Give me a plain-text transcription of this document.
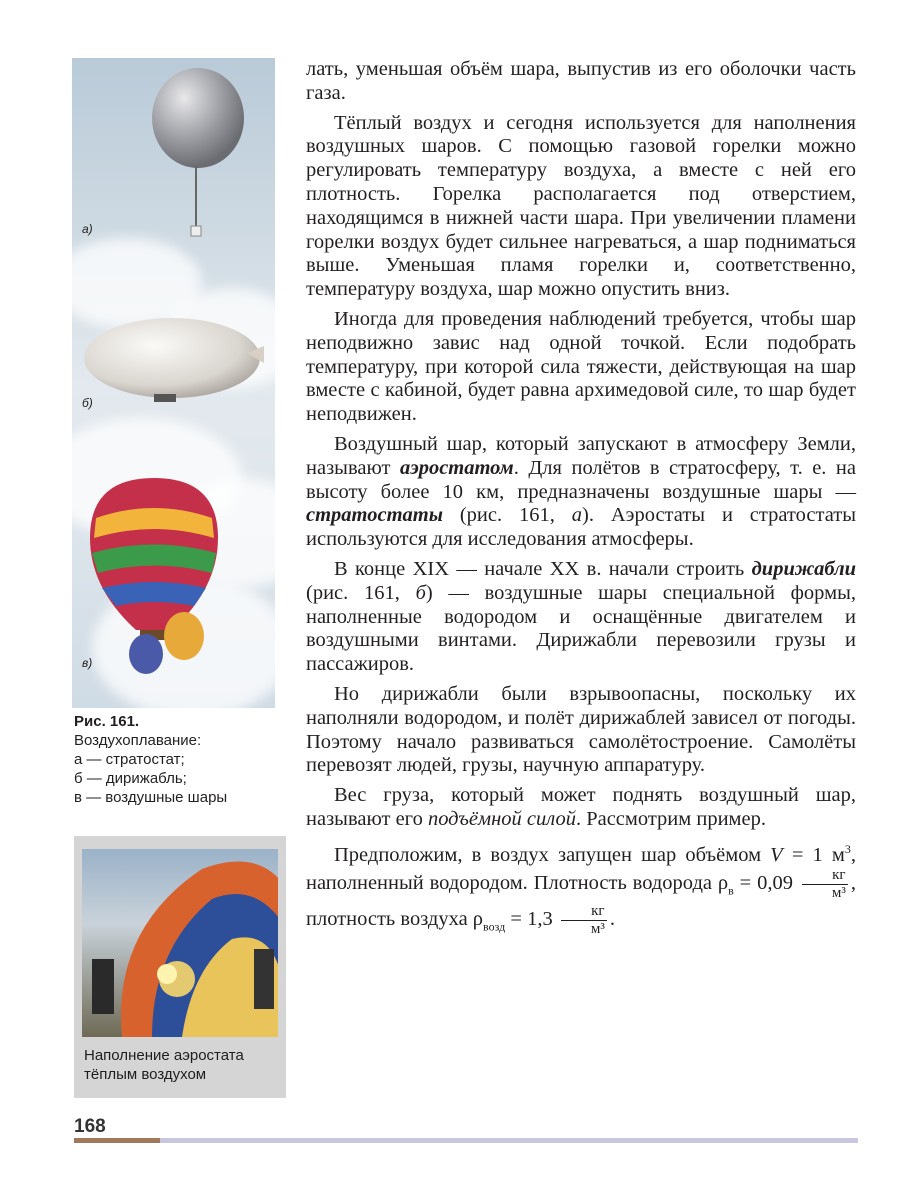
а)
б)
в)
Рис. 161.
Воздухоплавание:
а — стратостат;
б — дирижабль;
в — воздушные шары
Наполнение аэростата
тёплым воздухом

лать, уменьшая объём шара, выпустив из его оболочки часть газа.

Тёплый воздух и сегодня используется для наполнения воздушных шаров. С помощью газовой горелки можно регулировать температуру воздуха, а вместе с ней его плотность. Горелка располагается под отверстием, находящимся в нижней части шара. При увеличении пламени горелки воздух будет сильнее нагреваться, а шар подниматься выше. Уменьшая пламя горелки и, соответственно, температуру воздуха, шар можно опустить вниз.

Иногда для проведения наблюдений требуется, чтобы шар неподвижно завис над одной точкой. Если подобрать температуру, при которой сила тяжести, действующая на шар вместе с кабиной, будет равна архимедовой силе, то шар будет неподвижен.

Воздушный шар, который запускают в атмосферу Земли, называют аэростатом. Для полётов в стратосферу, т. е. на высоту более 10 км, предназначены воздушные шары — стратостаты (рис. 161, а). Аэростаты и стратостаты используются для исследования атмосферы.

В конце XIX — начале XX в. начали строить дирижабли (рис. 161, б) — воздушные шары специальной формы, наполненные водородом и оснащённые двигателем и воздушными винтами. Дирижабли перевозили грузы и пассажиров.

Но дирижабли были взрывоопасны, поскольку их наполняли водородом, и полёт дирижаблей зависел от погоды. Поэтому начало развиваться самолётостроение. Самолёты перевозят людей, грузы, научную аппаратуру.

Вес груза, который может поднять воздушный шар, называют его подъёмной силой. Рассмотрим пример.

Предположим, в воздух запущен шар объёмом V = 1 $м^3$, наполненный водородом. Плотность водорода $\rho_в = 0,09 \frac{кг}{\text{м³}}$ , плотность воздуха $\rho_{возд} = 1,3 \frac{кг}{\text{м³}}$ .

168
